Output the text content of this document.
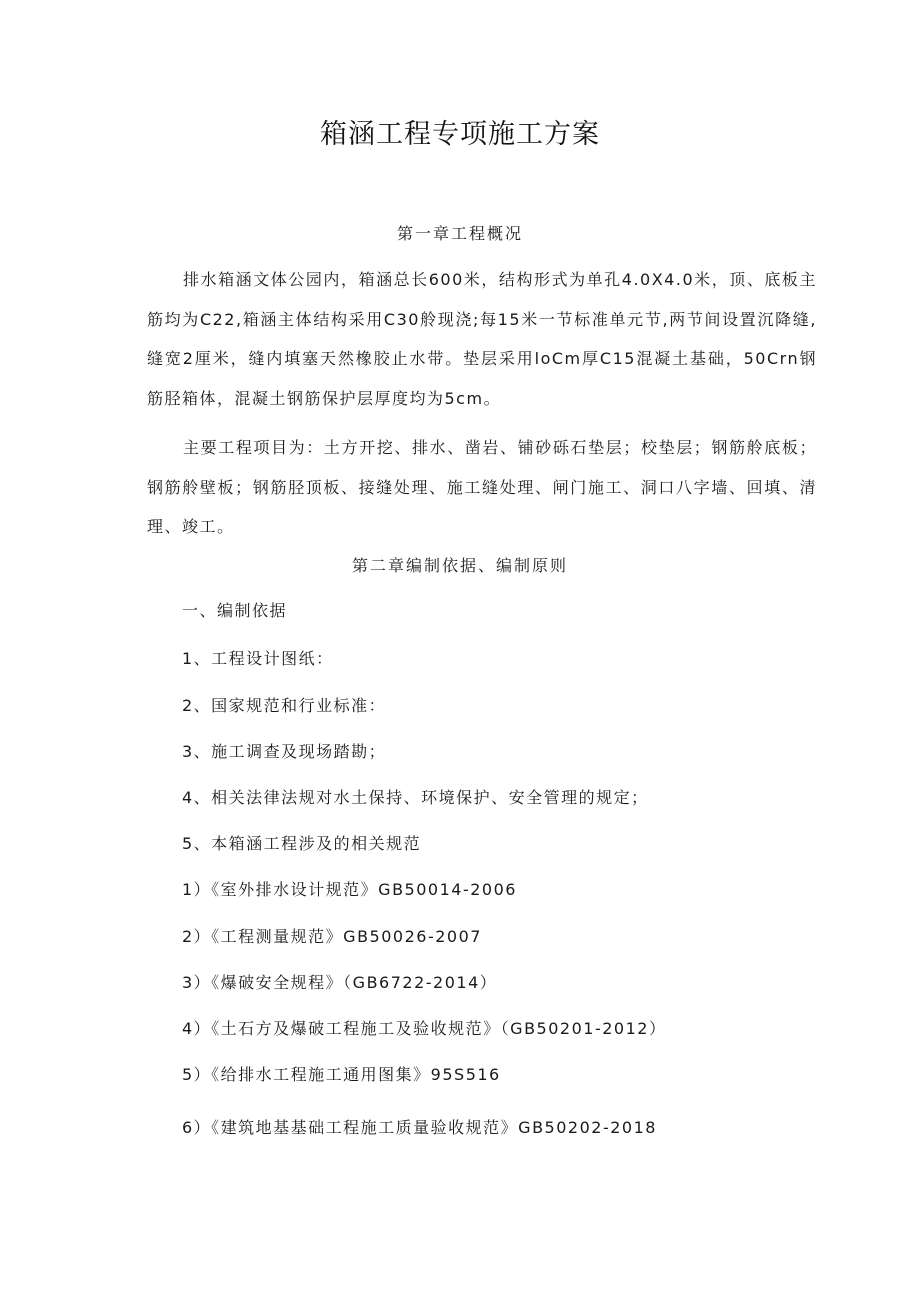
箱涵工程专项施工方案
第一章工程概况

排水箱涵文体公园内，箱涵总长600米，结构形式为单孔4.0X4.0米，顶、底板主筋均为C22,箱涵主体结构采用C30舲现浇;每15米一节标准单元节,两节间设置沉降缝,缝宽2厘米，缝内填塞天然橡胶止水带。垫层采用loCm厚C15混凝土基础，50Crn钢筋胫箱体，混凝土钢筋保护层厚度均为5cm。

主要工程项目为：土方开挖、排水、凿岩、铺砂砾石垫层；校垫层；钢筋舲底板；钢筋舲壁板；钢筋胫顶板、接缝处理、施工缝处理、闸门施工、洞口八字墙、回填、清理、竣工。

第二章编制依据、编制原则
一、编制依据
1、工程设计图纸：
2、国家规范和行业标准：
3、施工调查及现场踏勘；
4、相关法律法规对水土保持、环境保护、安全管理的规定；
5、本箱涵工程涉及的相关规范
1）《室外排水设计规范》GB50014-2006
2）《工程测量规范》GB50026-2007
3）《爆破安全规程》（GB6722-2014）
4）《土石方及爆破工程施工及验收规范》（GB50201-2012）
5）《给排水工程施工通用图集》95S516
6）《建筑地基基础工程施工质量验收规范》GB50202-2018
